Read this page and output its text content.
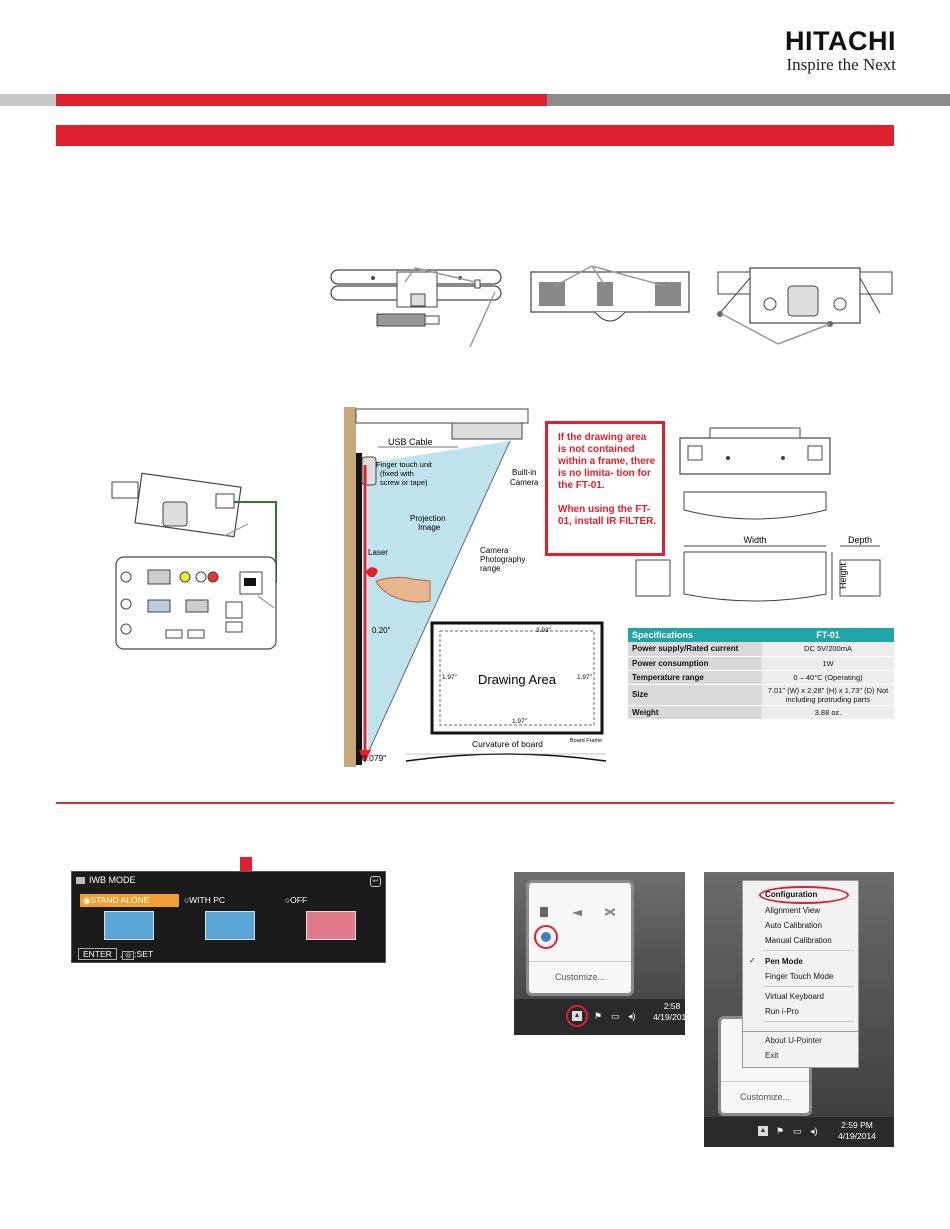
HITACHI
Inspire the Next
USB Cable
Finger touch unit
(fixed with
screw or tape)
Built-in
Camera
Projection
Image
Camera
Photography
range
Laser
0.20"
Drawing Area
3.93"
1.97"	1.97"
1.97"
Board Frame
Curvature of board
0.079"

If the drawing area is not contained within a frame, there is no limita- tion for the FT-01.

When using the FT-01, install IR FILTER.

Width	Depth
Height
Specifications	FT-01
Power supply/Rated current	DC 5V/200mA
Power consumption	1W
Temperature range	0 – 40°C (Operating)
Size	7.01" (W) x 2.28" (H) x 1.73" (D) Not including protruding parts
Weight	3.88 oz.
IWB MODE	↩
◉STAND ALONE	○WITH PC	○OFF
ENTER , ◎ :SET
Customize...
▲ ⚑ ▭ ◂)
2:58
4/19/2014
Customize...
Configuration
Alignment View
Auto Calibration
Manual Calibration
✓ Pen Mode
Finger Touch Mode
Virtual Keyboard
Run i-Pro
About U-Pointer
Exit
▲ ⚑ ▭ ◂)
2:59 PM
4/19/2014
